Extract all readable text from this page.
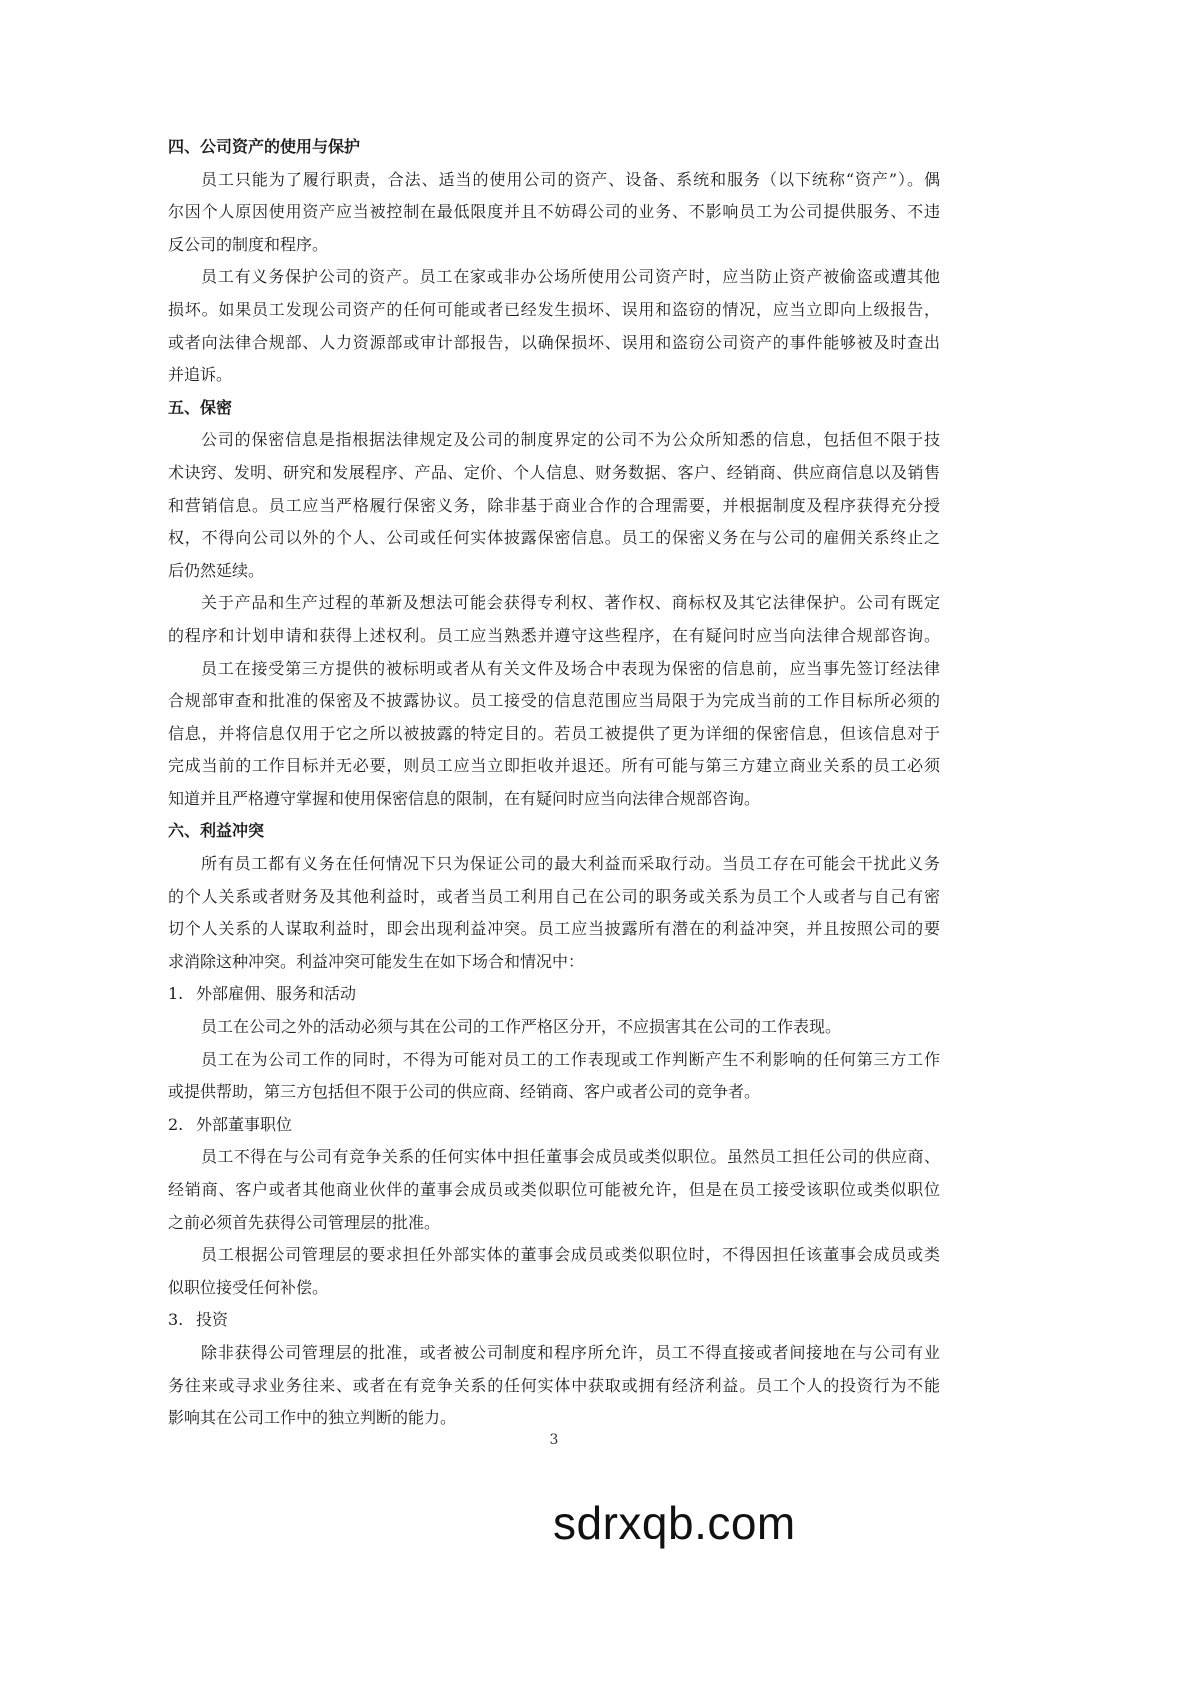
四、公司资产的使用与保护
员工只能为了履行职责，合法、适当的使用公司的资产、设备、系统和服务（以下统称“资产”）。偶
尔因个人原因使用资产应当被控制在最低限度并且不妨碍公司的业务、不影响员工为公司提供服务、不违
反公司的制度和程序。
员工有义务保护公司的资产。员工在家或非办公场所使用公司资产时，应当防止资产被偷盗或遭其他
损坏。如果员工发现公司资产的任何可能或者已经发生损坏、误用和盗窃的情况，应当立即向上级报告，
或者向法律合规部、人力资源部或审计部报告，以确保损坏、误用和盗窃公司资产的事件能够被及时查出
并追诉。
五、保密
公司的保密信息是指根据法律规定及公司的制度界定的公司不为公众所知悉的信息，包括但不限于技
术诀窍、发明、研究和发展程序、产品、定价、个人信息、财务数据、客户、经销商、供应商信息以及销售
和营销信息。员工应当严格履行保密义务，除非基于商业合作的合理需要，并根据制度及程序获得充分授
权，不得向公司以外的个人、公司或任何实体披露保密信息。员工的保密义务在与公司的雇佣关系终止之
后仍然延续。
关于产品和生产过程的革新及想法可能会获得专利权、著作权、商标权及其它法律保护。公司有既定
的程序和计划申请和获得上述权利。员工应当熟悉并遵守这些程序，在有疑问时应当向法律合规部咨询。
员工在接受第三方提供的被标明或者从有关文件及场合中表现为保密的信息前，应当事先签订经法律
合规部审查和批准的保密及不披露协议。员工接受的信息范围应当局限于为完成当前的工作目标所必须的
信息，并将信息仅用于它之所以被披露的特定目的。若员工被提供了更为详细的保密信息，但该信息对于
完成当前的工作目标并无必要，则员工应当立即拒收并退还。所有可能与第三方建立商业关系的员工必须
知道并且严格遵守掌握和使用保密信息的限制，在有疑问时应当向法律合规部咨询。
六、利益冲突
所有员工都有义务在任何情况下只为保证公司的最大利益而采取行动。当员工存在可能会干扰此义务
的个人关系或者财务及其他利益时，或者当员工利用自己在公司的职务或关系为员工个人或者与自己有密
切个人关系的人谋取利益时，即会出现利益冲突。员工应当披露所有潜在的利益冲突，并且按照公司的要
求消除这种冲突。利益冲突可能发生在如下场合和情况中：
1. 外部雇佣、服务和活动
员工在公司之外的活动必须与其在公司的工作严格区分开，不应损害其在公司的工作表现。
员工在为公司工作的同时，不得为可能对员工的工作表现或工作判断产生不利影响的任何第三方工作
或提供帮助，第三方包括但不限于公司的供应商、经销商、客户或者公司的竞争者。
2. 外部董事职位
员工不得在与公司有竞争关系的任何实体中担任董事会成员或类似职位。虽然员工担任公司的供应商、
经销商、客户或者其他商业伙伴的董事会成员或类似职位可能被允许，但是在员工接受该职位或类似职位
之前必须首先获得公司管理层的批准。
员工根据公司管理层的要求担任外部实体的董事会成员或类似职位时，不得因担任该董事会成员或类
似职位接受任何补偿。
3. 投资
除非获得公司管理层的批准，或者被公司制度和程序所允许，员工不得直接或者间接地在与公司有业
务往来或寻求业务往来、或者在有竞争关系的任何实体中获取或拥有经济利益。员工个人的投资行为不能
影响其在公司工作中的独立判断的能力。
3
sdrxqb.com
